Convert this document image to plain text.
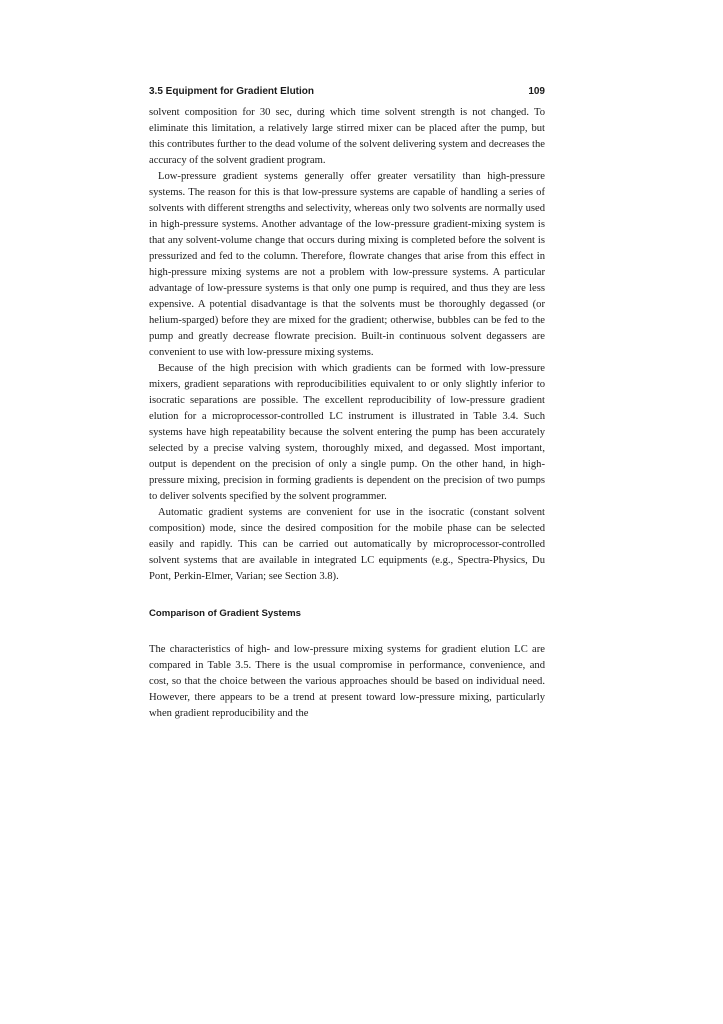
3.5 Equipment for Gradient Elution	109

solvent composition for 30 sec, during which time solvent strength is not changed. To eliminate this limitation, a relatively large stirred mixer can be placed after the pump, but this contributes further to the dead volume of the solvent delivering system and decreases the accuracy of the solvent gradient program.

Low-pressure gradient systems generally offer greater versatility than high-pressure systems. The reason for this is that low-pressure systems are capable of handling a series of solvents with different strengths and selectivity, whereas only two solvents are normally used in high-pressure systems. Another advantage of the low-pressure gradient-mixing system is that any solvent-volume change that occurs during mixing is completed before the solvent is pressurized and fed to the column. Therefore, flowrate changes that arise from this effect in high-pressure mixing systems are not a problem with low-pressure systems. A particular advantage of low-pressure systems is that only one pump is required, and thus they are less expensive. A potential disadvantage is that the solvents must be thoroughly degassed (or helium-sparged) before they are mixed for the gradient; otherwise, bubbles can be fed to the pump and greatly decrease flowrate precision. Built-in continuous solvent degassers are convenient to use with low-pressure mixing systems.

Because of the high precision with which gradients can be formed with low-pressure mixers, gradient separations with reproducibilities equivalent to or only slightly inferior to isocratic separations are possible. The excellent reproducibility of low-pressure gradient elution for a microprocessor-controlled LC instrument is illustrated in Table 3.4. Such systems have high repeatability because the solvent entering the pump has been accurately selected by a precise valving system, thoroughly mixed, and degassed. Most important, output is dependent on the precision of only a single pump. On the other hand, in high-pressure mixing, precision in forming gradients is dependent on the precision of two pumps to deliver solvents specified by the solvent programmer.

Automatic gradient systems are convenient for use in the isocratic (constant solvent composition) mode, since the desired composition for the mobile phase can be selected easily and rapidly. This can be carried out automatically by microprocessor-controlled solvent systems that are available in integrated LC equipments (e.g., Spectra-Physics, Du Pont, Perkin-Elmer, Varian; see Section 3.8).

Comparison of Gradient Systems

The characteristics of high- and low-pressure mixing systems for gradient elution LC are compared in Table 3.5. There is the usual compromise in performance, convenience, and cost, so that the choice between the various approaches should be based on individual need. However, there appears to be a trend at present toward low-pressure mixing, particularly when gradient reproducibility and the
